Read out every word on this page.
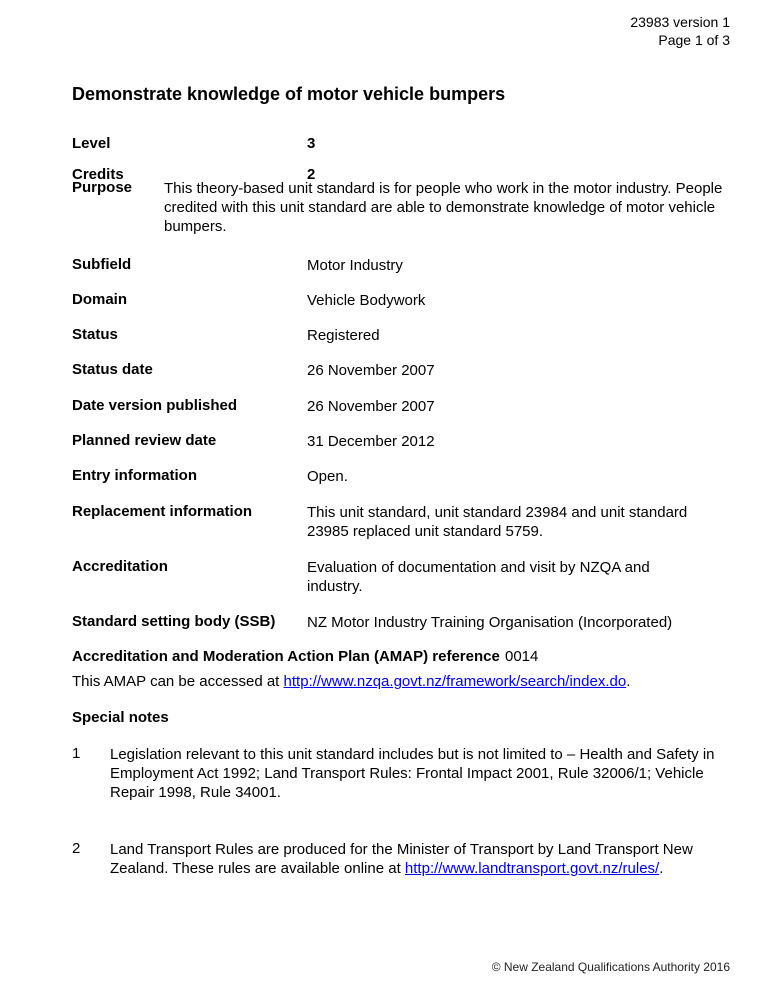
23983 version 1
Page 1 of 3
Demonstrate knowledge of motor vehicle bumpers
Level	3
Credits	2
Purpose This theory-based unit standard is for people who work in the motor industry. People credited with this unit standard are able to demonstrate knowledge of motor vehicle bumpers.
Subfield	Motor Industry
Domain	Vehicle Bodywork
Status	Registered
Status date	26 November 2007
Date version published	26 November 2007
Planned review date	31 December 2012
Entry information	Open.
Replacement information	This unit standard, unit standard 23984 and unit standard 23985 replaced unit standard 5759.
Accreditation	Evaluation of documentation and visit by NZQA and industry.
Standard setting body (SSB) NZ Motor Industry Training Organisation (Incorporated)
Accreditation and Moderation Action Plan (AMAP) reference 0014
This AMAP can be accessed at http://www.nzqa.govt.nz/framework/search/index.do.
Special notes
1 Legislation relevant to this unit standard includes but is not limited to – Health and Safety in Employment Act 1992; Land Transport Rules: Frontal Impact 2001, Rule 32006/1; Vehicle Repair 1998, Rule 34001.
2 Land Transport Rules are produced for the Minister of Transport by Land Transport New Zealand. These rules are available online at http://www.landtransport.govt.nz/rules/.
© New Zealand Qualifications Authority 2016
